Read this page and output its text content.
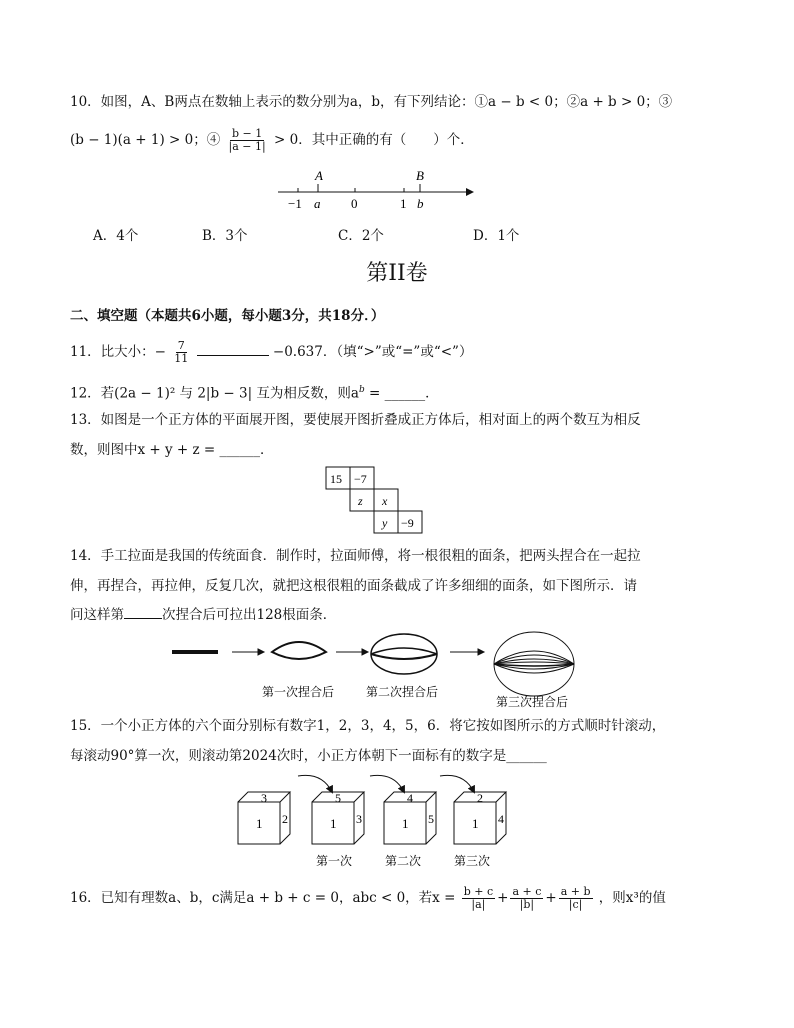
10．如图，A、B两点在数轴上表示的数分别为a，b，有下列结论：①a − b < 0；②a + b > 0；③
(b − 1)(a + 1) > 0；④ $\frac{b - 1}{|a - 1|} > 0$．其中正确的有（　　）个．
A	B
−1 a 0	1 b
A．4个	B．3个	C．2个	D．1个
第II卷
二、填空题（本题共6小题，每小题3分，共18分．）
11．比大小：− $\frac{7}{11}$	−0.637．（填“>”或“=”或“<”）
12．若(2a − 1)² 与 2|b − 3| 互为相反数，则$a^b$ = ______．
13．如图是一个正方体的平面展开图，要使展开图折叠成正方体后，相对面上的两个数互为相反
数，则图中x + y + z = ______．
15 −7
z x
y −9
14．手工拉面是我国的传统面食．制作时，拉面师傅，将一根很粗的面条，把两头捏合在一起拉
伸，再捏合，再拉伸，反复几次，就把这根很粗的面条截成了许多细细的面条，如下图所示．请
问这样第	次捏合后可拉出128根面条．
第一次捏合后	第二次捏合后
第三次捏合后
15．一个小正方体的六个面分别标有数字1，2，3，4，5，6．将它按如图所示的方式顺时针滚动，
每滚动90°算一次，则滚动第2024次时，小正方体朝下一面标有的数字是______
3
1 2
5
1 3
4
1 5
2
1 4
第一次	第二次	第三次
16．已知有理数a、b，c满足a + b + c = 0，abc < 0，若$x = \frac{b + c}{|a|} + \frac{a + c}{|b|} + \frac{a + b}{|c|}$ ，则x³的值
